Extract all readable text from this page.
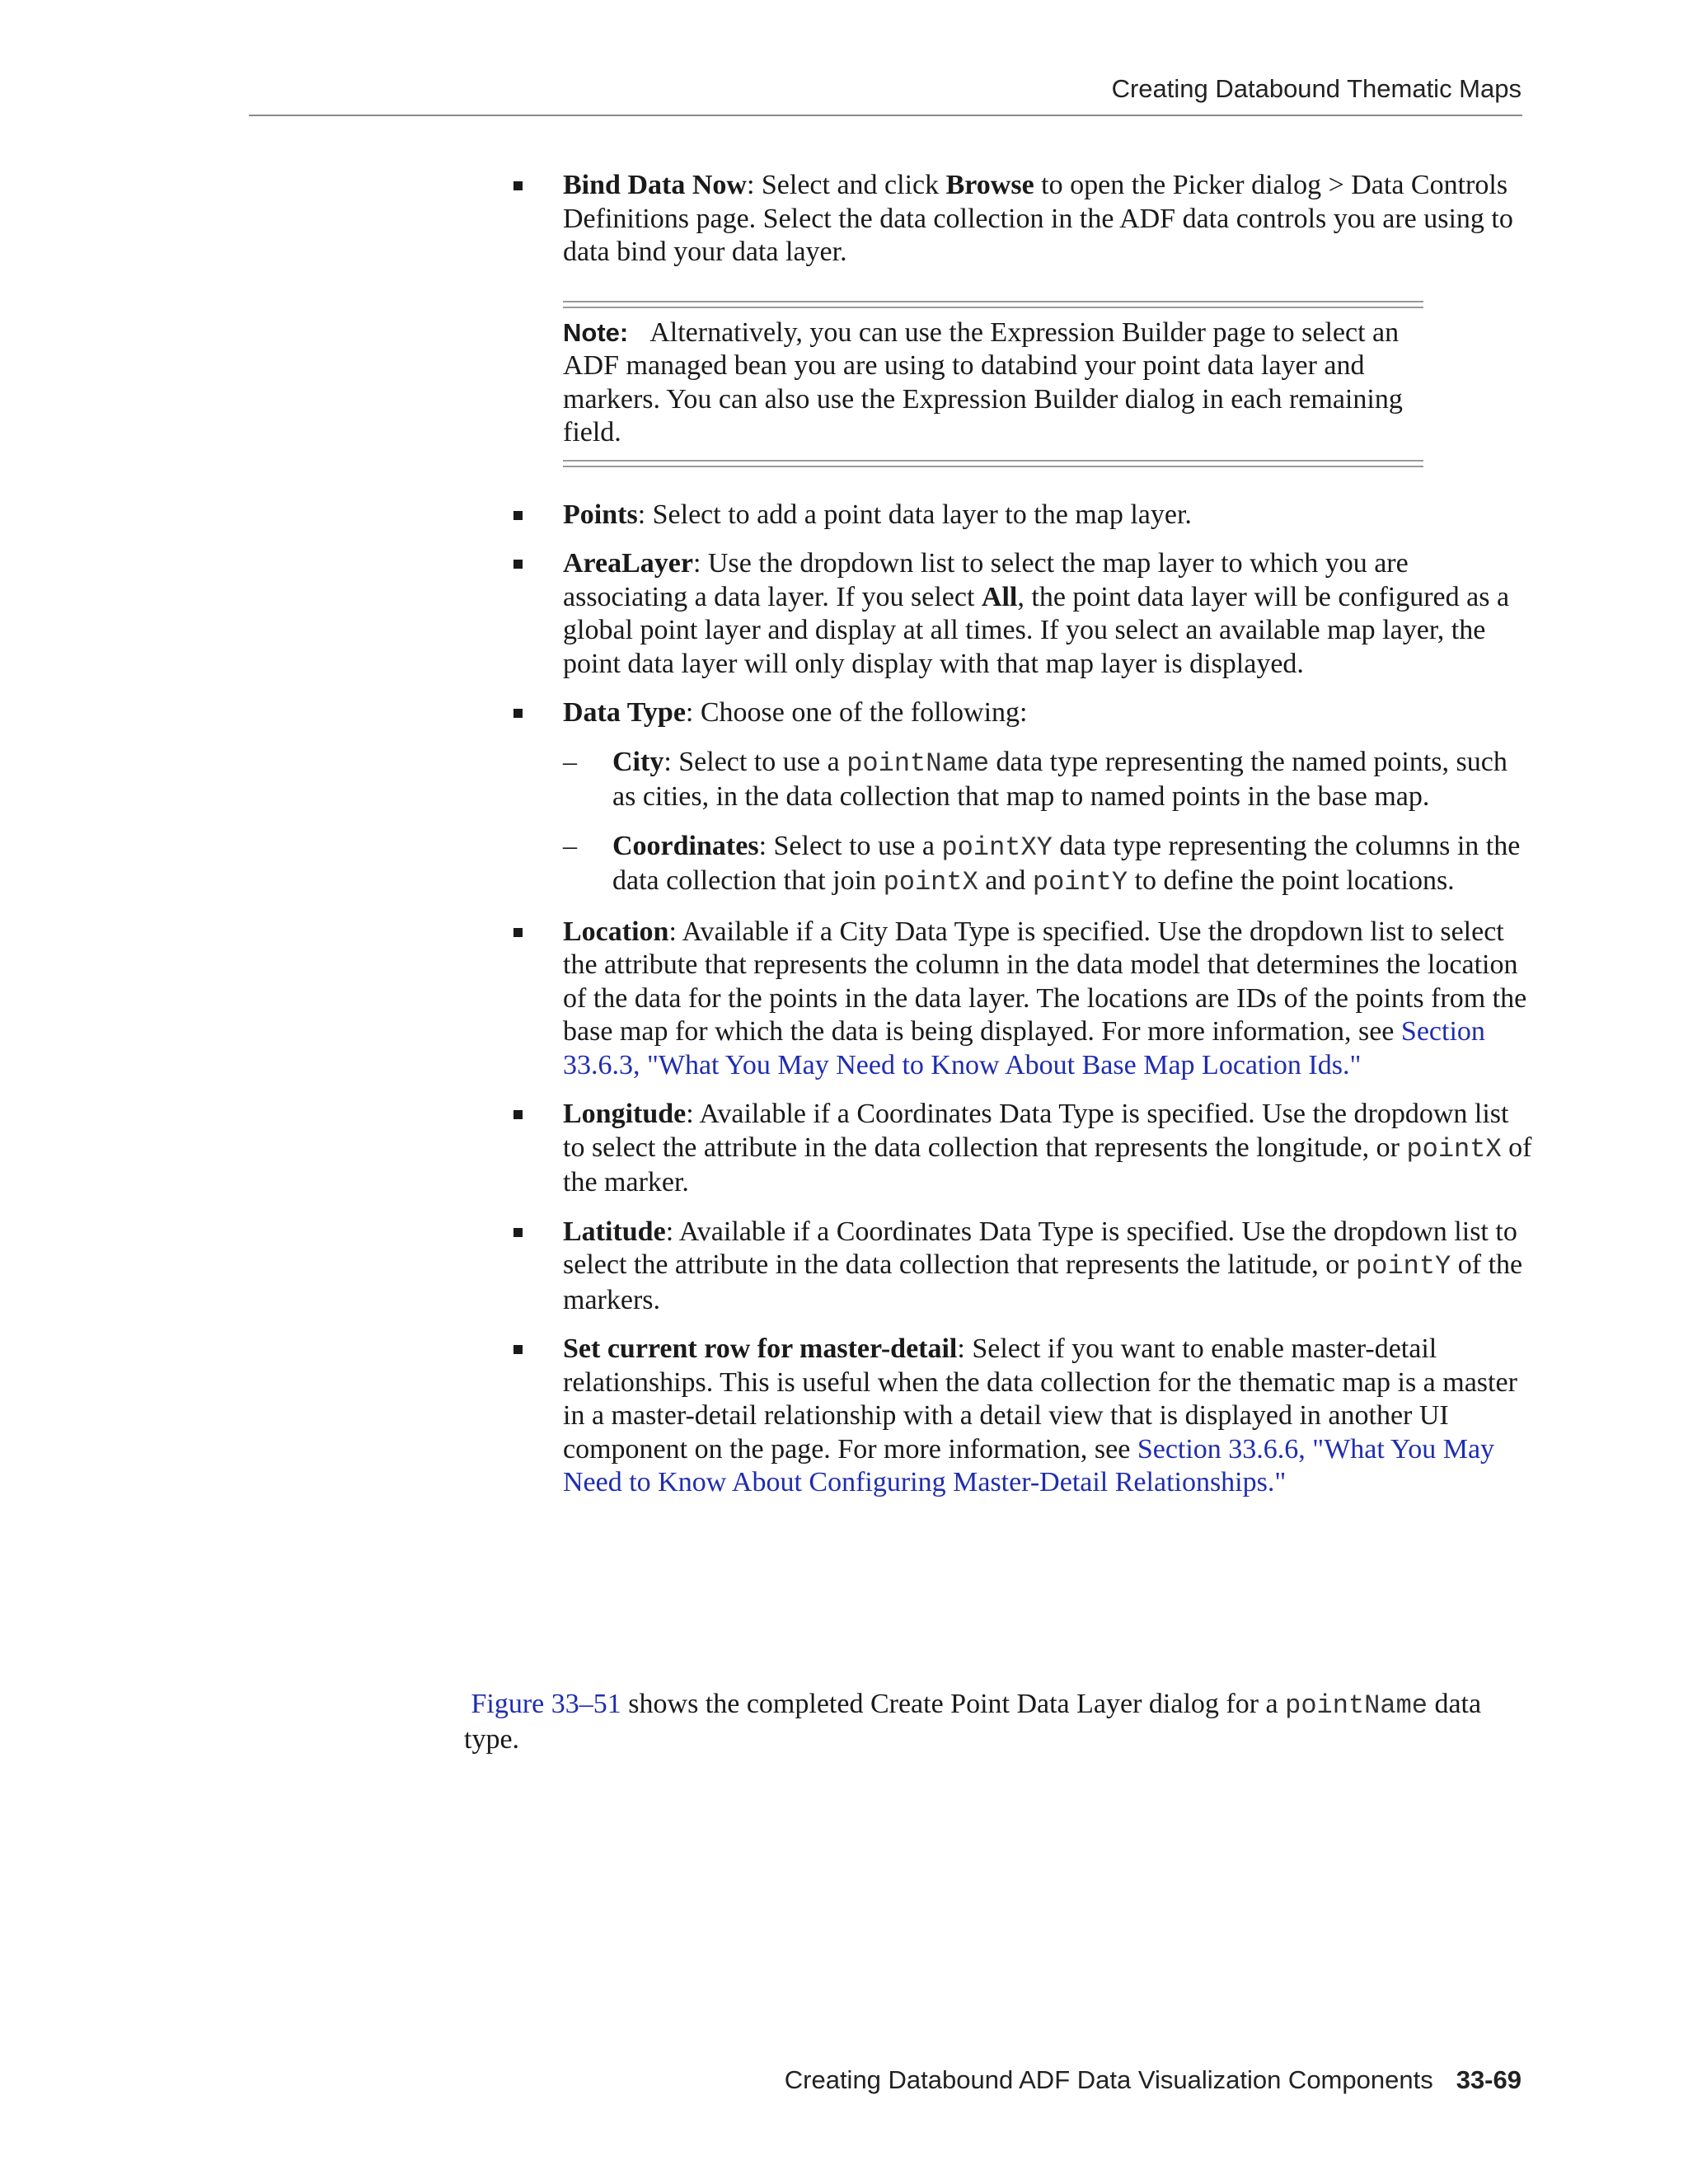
Creating Databound Thematic Maps
Bind Data Now: Select and click Browse to open the Picker dialog > Data Controls Definitions page. Select the data collection in the ADF data controls you are using to data bind your data layer.
Note: Alternatively, you can use the Expression Builder page to select an ADF managed bean you are using to databind your point data layer and markers. You can also use the Expression Builder dialog in each remaining field.
Points: Select to add a point data layer to the map layer.
AreaLayer: Use the dropdown list to select the map layer to which you are associating a data layer. If you select All, the point data layer will be configured as a global point layer and display at all times. If you select an available map layer, the point data layer will only display with that map layer is displayed.
Data Type: Choose one of the following:
– City: Select to use a pointName data type representing the named points, such as cities, in the data collection that map to named points in the base map.
– Coordinates: Select to use a pointXY data type representing the columns in the data collection that join pointX and pointY to define the point locations.
Location: Available if a City Data Type is specified. Use the dropdown list to select the attribute that represents the column in the data model that determines the location of the data for the points in the data layer. The locations are IDs of the points from the base map for which the data is being displayed. For more information, see Section 33.6.3, "What You May Need to Know About Base Map Location Ids."
Longitude: Available if a Coordinates Data Type is specified. Use the dropdown list to select the attribute in the data collection that represents the longitude, or pointX of the marker.
Latitude: Available if a Coordinates Data Type is specified. Use the dropdown list to select the attribute in the data collection that represents the latitude, or pointY of the markers.
Set current row for master-detail: Select if you want to enable master-detail relationships. This is useful when the data collection for the thematic map is a master in a master-detail relationship with a detail view that is displayed in another UI component on the page. For more information, see Section 33.6.6, "What You May Need to Know About Configuring Master-Detail Relationships."
Figure 33–51 shows the completed Create Point Data Layer dialog for a pointName data type.
Creating Databound ADF Data Visualization Components 33-69
